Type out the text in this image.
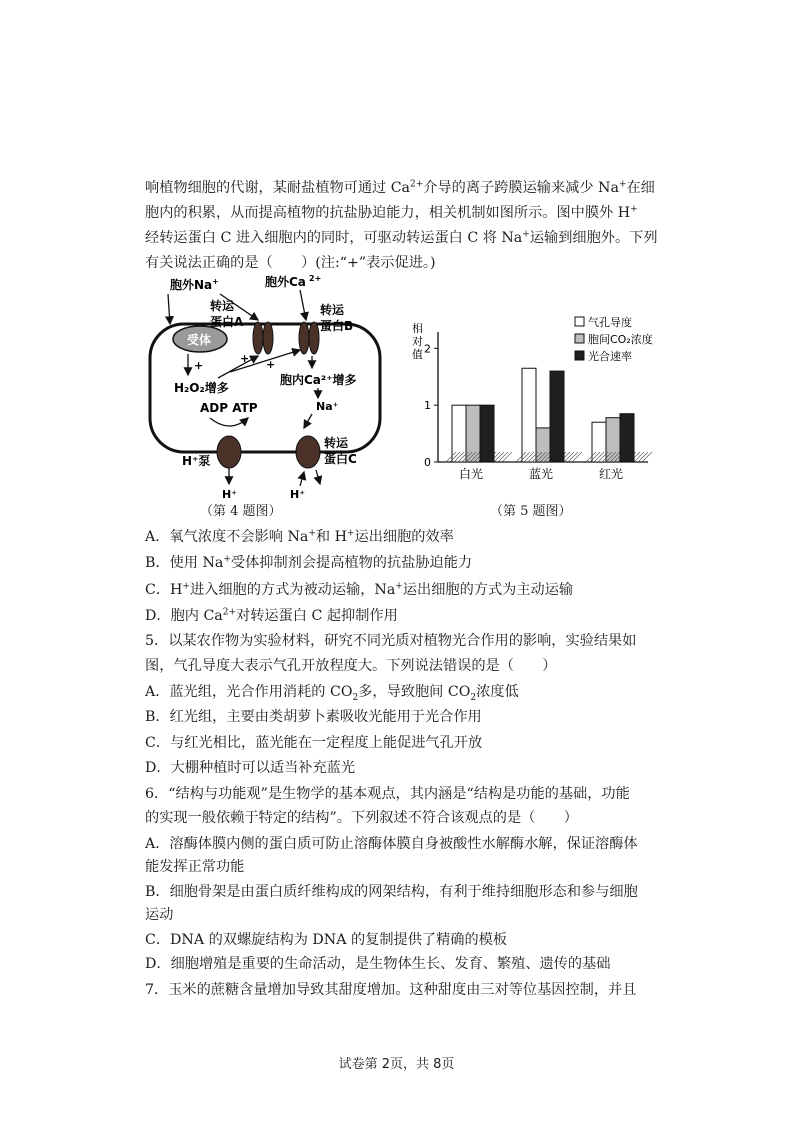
响植物细胞的代谢，某耐盐植物可通过 $Ca^{2+}$介导的离子跨膜运输来减少 Na+在细
胞内的积累，从而提高植物的抗盐胁迫能力，相关机制如图所示。图中膜外 H+
经转运蛋白 C 进入细胞内的同时，可驱动转运蛋白 C 将 Na+运输到细胞外。下列
有关说法正确的是（　　）(注:“+”表示促进。)
胞外Na +	胞外Ca 2+
转运
蛋白A
转运
蛋白B
受体
+
+ +
H₂O₂增多
胞内Ca²⁺增多
Na⁺
ADP ATP
H⁺泵
H⁺
转运
蛋白C
H⁺
相
对
值
0
1
2
白光	蓝光	红光
气孔导度
胞间CO₂浓度
光合速率
（第 4 题图）	（第 5 题图）
A．氧气浓度不会影响 Na+和 H+运出细胞的效率
B．使用 Na+受体抑制剂会提高植物的抗盐胁迫能力
C．H+进入细胞的方式为被动运输，Na+运出细胞的方式为主动运输
D．胞内 $Ca^{2+}$对转运蛋白 C 起抑制作用
5．以某农作物为实验材料，研究不同光质对植物光合作用的影响，实验结果如
图，气孔导度大表示气孔开放程度大。下列说法错误的是（　　）
A．蓝光组，光合作用消耗的 $CO_2$多，导致胞间 $CO_2$浓度低
B．红光组，主要由类胡萝卜素吸收光能用于光合作用
C．与红光相比，蓝光能在一定程度上能促进气孔开放
D．大棚种植时可以适当补充蓝光
6．“结构与功能观”是生物学的基本观点，其内涵是“结构是功能的基础，功能
的实现一般依赖于特定的结构”。下列叙述不符合该观点的是（　　）
A．溶酶体膜内侧的蛋白质可防止溶酶体膜自身被酸性水解酶水解，保证溶酶体
能发挥正常功能
B．细胞骨架是由蛋白质纤维构成的网架结构，有利于维持细胞形态和参与细胞
运动
C．DNA 的双螺旋结构为 DNA 的复制提供了精确的模板
D．细胞增殖是重要的生命活动，是生物体生长、发育、繁殖、遗传的基础
7．玉米的蔗糖含量增加导致其甜度增加。这种甜度由三对等位基因控制，并且
试卷第 2页，共 8页
